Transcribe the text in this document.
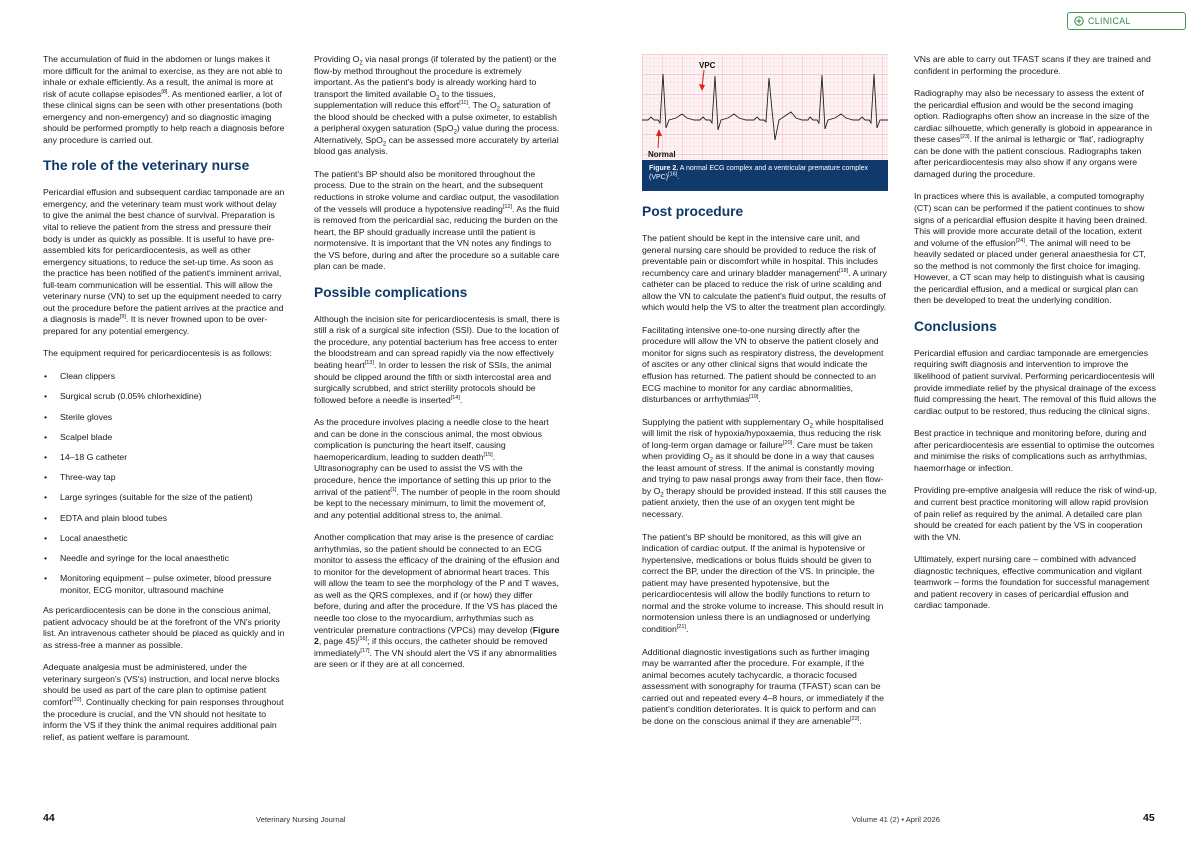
CLINICAL

The accumulation of fluid in the abdomen or lungs makes it more difficult for the animal to exercise, as they are not able to inhale or exhale efficiently. As a result, the animal is more at risk of acute collapse episodes[8]. As mentioned earlier, a lot of these clinical signs can be seen with other presentations (both emergency and non-emergency) and so diagnostic imaging should be performed promptly to help reach a diagnosis before any procedure is carried out.

The role of the veterinary nurse

Pericardial effusion and subsequent cardiac tamponade are an emergency, and the veterinary team must work without delay to give the animal the best chance of survival. Preparation is vital to relieve the patient from the stress and pressure their body is under as quickly as possible. It is useful to have pre-assembled kits for pericardiocentesis, as well as other emergency situations, to reduce the set-up time. As soon as the practice has been notified of the patient's imminent arrival, full-team communication will be essential. This will allow the veterinary nurse (VN) to set up the equipment needed to carry out the procedure before the patient arrives at the practice and a diagnosis is made[9]. It is never frowned upon to be over-prepared for any potential emergency.

The equipment required for pericardiocentesis is as follows:

• Clean clippers
• Surgical scrub (0.05% chlorhexidine)
• Sterile gloves
• Scalpel blade
• 14–18 G catheter
• Three-way tap
• Large syringes (suitable for the size of the patient)
• EDTA and plain blood tubes
• Local anaesthetic
• Needle and syringe for the local anaesthetic
• Monitoring equipment – pulse oximeter, blood pressure monitor, ECG monitor, ultrasound machine

As pericardiocentesis can be done in the conscious animal, patient advocacy should be at the forefront of the VN's priority list. An intravenous catheter should be placed as quickly and in as stress-free a manner as possible.

Adequate analgesia must be administered, under the veterinary surgeon's (VS's) instruction, and local nerve blocks should be used as part of the care plan to optimise patient comfort[10]. Continually checking for pain responses throughout the procedure is crucial, and the VN should not hesitate to inform the VS if they think the animal requires additional pain relief, as patient welfare is paramount.

Providing $O_2$ via nasal prongs (if tolerated by the patient) or the flow-by method throughout the procedure is extremely important. As the patient's body is already working hard to transport the limited available $O_2$ to the tissues, supplementation will reduce this effort[11]. The $O_2$ saturation of the blood should be checked with a pulse oximeter, to establish a peripheral oxygen saturation (SpO$_2$) value during the process. Alternatively, SpO$_2$ can be assessed more accurately by arterial blood gas analysis.

The patient's BP should also be monitored throughout the process. Due to the strain on the heart, and the subsequent reductions in stroke volume and cardiac output, the vasodilation of the vessels will produce a hypotensive reading[12]. As the fluid is removed from the pericardial sac, reducing the burden on the heart, the BP should gradually increase until the patient is normotensive. It is important that the VN notes any findings to the VS before, during and after the procedure so a suitable care plan can be made.

Possible complications

Although the incision site for pericardiocentesis is small, there is still a risk of a surgical site infection (SSI). Due to the location of the procedure, any potential bacterium has free access to enter the bloodstream and can spread rapidly via the now effectively beating heart[13]. In order to lessen the risk of SSIs, the animal should be clipped around the fifth or sixth intercostal area and surgically scrubbed, and strict sterility protocols should be followed before a needle is inserted[14].

As the procedure involves placing a needle close to the heart and can be done in the conscious animal, the most obvious complication is puncturing the heart itself, causing haemopericardium, leading to sudden death[15]. Ultrasonography can be used to assist the VS with the procedure, hence the importance of setting this up prior to the arrival of the patient[1]. The number of people in the room should be kept to the necessary minimum, to limit the movement of, and any potential additional stress to, the animal.

Another complication that may arise is the presence of cardiac arrhythmias, so the patient should be connected to an ECG monitor to assess the efficacy of the draining of the effusion and to monitor for the development of abnormal heart traces. This will allow the team to see the morphology of the P and T waves, as well as the QRS complexes, and if (or how) they differ before, during and after the procedure. If the VS has placed the needle too close to the myocardium, arrhythmias such as ventricular premature contractions (VPCs) may develop (Figure 2, page 45)[16]; if this occurs, the catheter should be removed immediately[17]. The VN should alert the VS if any abnormalities are seen or if they are at all concerned.

VPC
Normal
Figure 2. A normal ECG complex and a ventricular premature complex (VPC)[16].
Post procedure

The patient should be kept in the intensive care unit, and general nursing care should be provided to reduce the risk of preventable pain or discomfort while in hospital. This includes recumbency care and urinary bladder management[18]. A urinary catheter can be placed to reduce the risk of urine scalding and allow the VN to calculate the patient's fluid output, the results of which would help the VS to alter the treatment plan accordingly.

Facilitating intensive one-to-one nursing directly after the procedure will allow the VN to observe the patient closely and monitor for signs such as respiratory distress, the development of ascites or any other clinical signs that would indicate the effusion has returned. The patient should be connected to an ECG machine to monitor for any cardiac abnormalities, disturbances or arrhythmias[19].

Supplying the patient with supplementary $O_2$ while hospitalised will limit the risk of hypoxia/hypoxaemia, thus reducing the risk of long-term organ damage or failure[20]. Care must be taken when providing $O_2$ as it should be done in a way that causes the least amount of stress. If the animal is constantly moving and trying to paw nasal prongs away from their face, then flow-by $O_2$ therapy should be provided instead. If this still causes the patient anxiety, then the use of an oxygen tent might be necessary.

The patient's BP should be monitored, as this will give an indication of cardiac output. If the animal is hypotensive or hypertensive, medications or bolus fluids should be given to correct the BP, under the direction of the VS. In principle, the patient may have presented hypotensive, but the pericardiocentesis will allow the bodily functions to return to normal and the stroke volume to increase. This should result in normotension unless there is an undiagnosed or underlying condition[21].

Additional diagnostic investigations such as further imaging may be warranted after the procedure. For example, if the animal becomes acutely tachycardic, a thoracic focused assessment with sonography for trauma (TFAST) scan can be carried out and repeated every 4–8 hours, or immediately if the patient's condition deteriorates. It is quick to perform and can be done on the conscious animal if they are amenable[22].

VNs are able to carry out TFAST scans if they are trained and confident in performing the procedure.

Radiography may also be necessary to assess the extent of the pericardial effusion and would be the second imaging option. Radiographs often show an increase in the size of the cardiac silhouette, which generally is globoid in appearance in these cases[23]. If the animal is lethargic or 'flat', radiography can be done with the patient conscious. Radiographs taken after pericardiocentesis may also show if any organs were damaged during the procedure.

In practices where this is available, a computed tomography (CT) scan can be performed if the patient continues to show signs of a pericardial effusion despite it having been drained. This will provide more accurate detail of the location, extent and volume of the effusion[24]. The animal will need to be heavily sedated or placed under general anaesthesia for CT, so the method is not commonly the first choice for imaging. However, a CT scan may help to distinguish what is causing the pericardial effusion, and a medical or surgical plan can then be developed to treat the underlying condition.

Conclusions

Pericardial effusion and cardiac tamponade are emergencies requiring swift diagnosis and intervention to improve the likelihood of patient survival. Performing pericardiocentesis will provide immediate relief by the physical drainage of the excess fluid compressing the heart. The removal of this fluid allows the cardiac output to be restored, thus reducing the clinical signs.

Best practice in technique and monitoring before, during and after pericardiocentesis are essential to optimise the outcomes and minimise the risks of complications such as arrhythmias, haemorrhage or infection.

Providing pre-emptive analgesia will reduce the risk of wind-up, and current best practice monitoring will allow rapid provision of pain relief as required by the animal. A detailed care plan should be created for each patient by the VS in cooperation with the VN.

Ultimately, expert nursing care – combined with advanced diagnostic techniques, effective communication and vigilant teamwork – forms the foundation for successful management and patient recovery in cases of pericardial effusion and cardiac tamponade.

44	Veterinary Nursing Journal	Volume 41 (2) • April 2026	45
